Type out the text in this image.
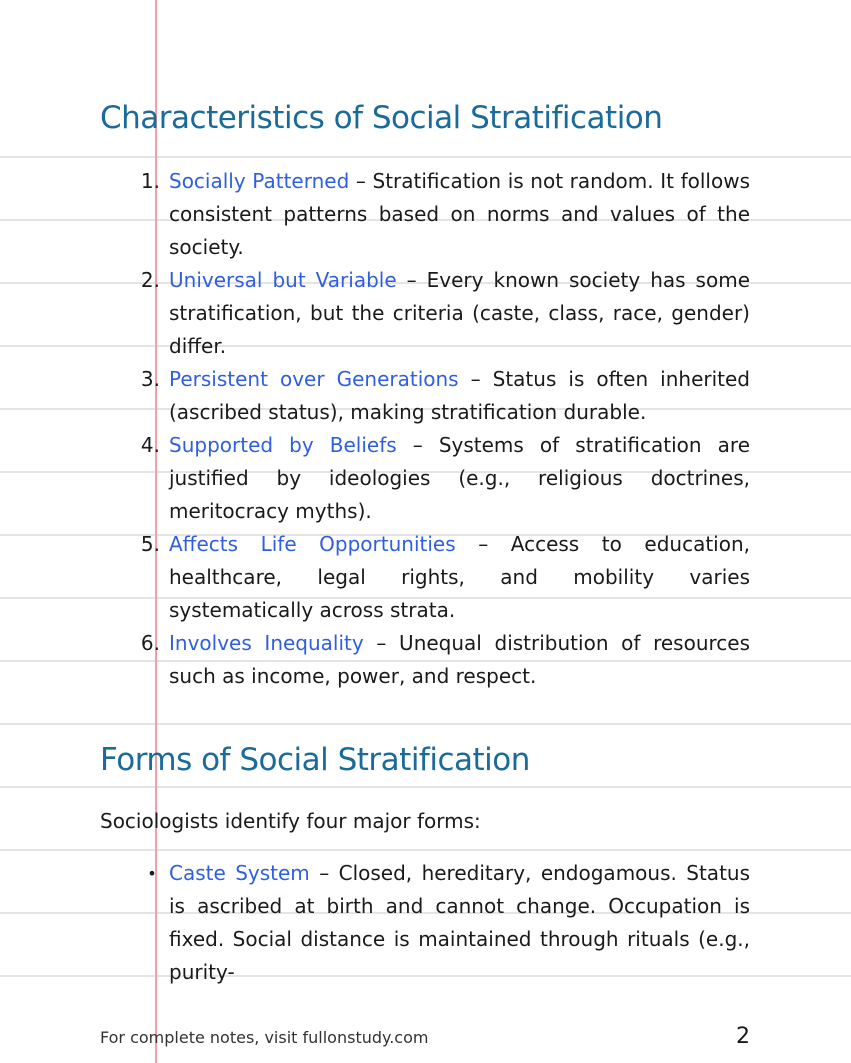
Characteristics of Social Stratification
1. Socially Patterned – Stratification is not random. It follows consistent patterns based on norms and values of the society.
2. Universal but Variable – Every known society has some stratification, but the criteria (caste, class, race, gender) differ.
3. Persistent over Generations – Status is often inherited (ascribed status), making stratification durable.
4. Supported by Beliefs – Systems of stratification are justified by ideologies (e.g., religious doctrines, meritocracy myths).
5. Affects Life Opportunities – Access to education, healthcare, legal rights, and mobility varies systematically across strata.
6. Involves Inequality – Unequal distribution of resources such as income, power, and respect.
Forms of Social Stratification

Sociologists identify four major forms:

• Caste System – Closed, hereditary, endogamous. Status is ascribed at birth and cannot change. Occupation is fixed. Social distance is maintained through rituals (e.g., purity-
For complete notes, visit fullonstudy.com	2
